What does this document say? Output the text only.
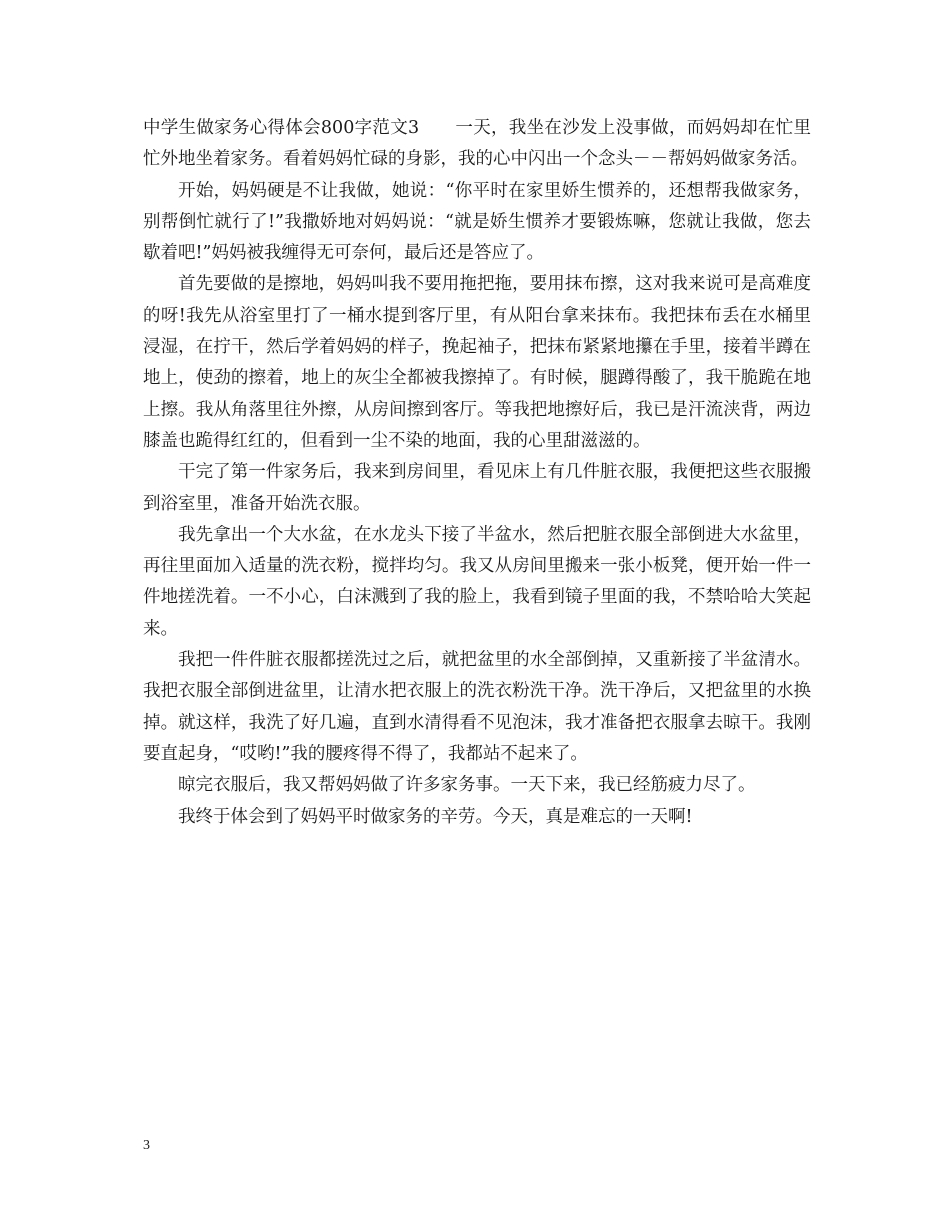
中学生做家务心得体会800字范文3 一天，我坐在沙发上没事做，而妈妈却在忙里忙外地坐着家务。看着妈妈忙碌的身影，我的心中闪出一个念头－－帮妈妈做家务活。

开始，妈妈硬是不让我做，她说：“你平时在家里娇生惯养的，还想帮我做家务，别帮倒忙就行了!”我撒娇地对妈妈说：“就是娇生惯养才要锻炼嘛，您就让我做，您去歇着吧!”妈妈被我缠得无可奈何，最后还是答应了。

首先要做的是擦地，妈妈叫我不要用拖把拖，要用抹布擦，这对我来说可是高难度的呀!我先从浴室里打了一桶水提到客厅里，有从阳台拿来抹布。我把抹布丢在水桶里浸湿，在拧干，然后学着妈妈的样子，挽起袖子，把抹布紧紧地攥在手里，接着半蹲在地上，使劲的擦着，地上的灰尘全都被我擦掉了。有时候，腿蹲得酸了，我干脆跪在地上擦。我从角落里往外擦，从房间擦到客厅。等我把地擦好后，我已是汗流浃背，两边膝盖也跪得红红的，但看到一尘不染的地面，我的心里甜滋滋的。

干完了第一件家务后，我来到房间里，看见床上有几件脏衣服，我便把这些衣服搬到浴室里，准备开始洗衣服。

我先拿出一个大水盆，在水龙头下接了半盆水，然后把脏衣服全部倒进大水盆里，再往里面加入适量的洗衣粉，搅拌均匀。我又从房间里搬来一张小板凳，便开始一件一件地搓洗着。一不小心，白沫溅到了我的脸上，我看到镜子里面的我，不禁哈哈大笑起来。

我把一件件脏衣服都搓洗过之后，就把盆里的水全部倒掉，又重新接了半盆清水。我把衣服全部倒进盆里，让清水把衣服上的洗衣粉洗干净。洗干净后，又把盆里的水换掉。就这样，我洗了好几遍，直到水清得看不见泡沫，我才准备把衣服拿去晾干。我刚要直起身，“哎哟!”我的腰疼得不得了，我都站不起来了。

晾完衣服后，我又帮妈妈做了许多家务事。一天下来，我已经筋疲力尽了。

我终于体会到了妈妈平时做家务的辛劳。今天，真是难忘的一天啊!

3
